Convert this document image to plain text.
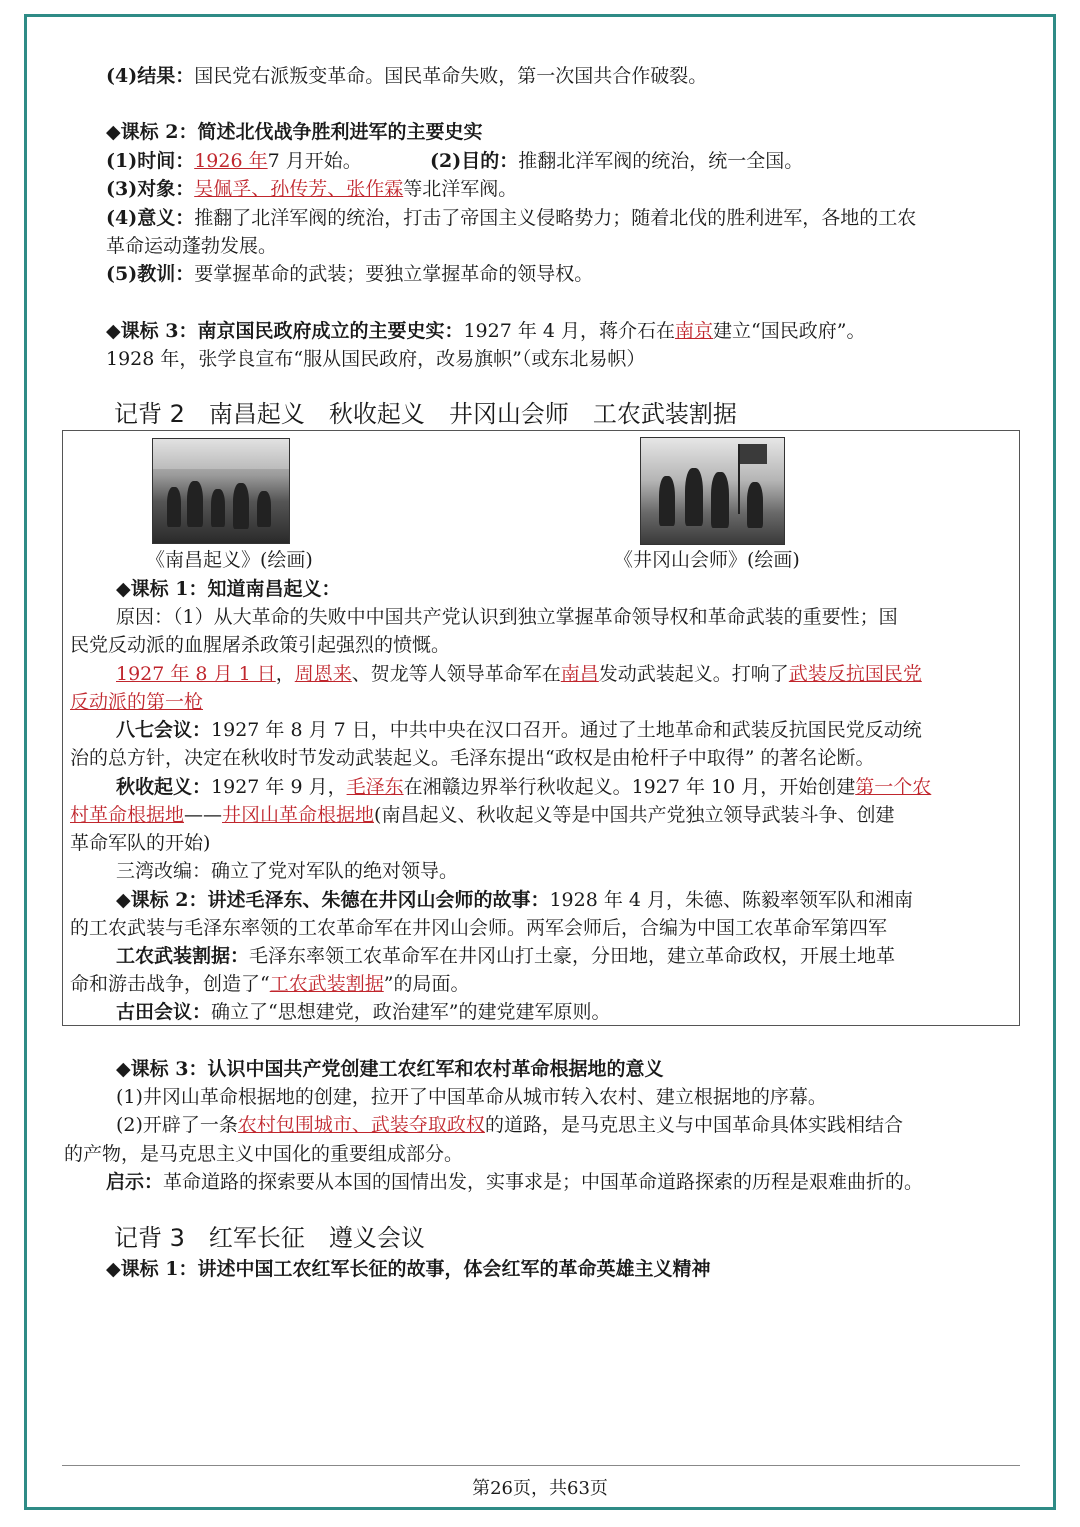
(4)结果：国民党右派叛变革命。国民革命失败，第一次国共合作破裂。
◆课标 2：简述北伐战争胜利进军的主要史实
(1)时间：1926 年7 月开始。	(2)目的：推翻北洋军阀的统治，统一全国。
(3)对象：吴佩孚、孙传芳、张作霖等北洋军阀。
(4)意义：推翻了北洋军阀的统治，打击了帝国主义侵略势力；随着北伐的胜利进军，各地的工农
革命运动蓬勃发展。
(5)教训：要掌握革命的武装；要独立掌握革命的领导权。
◆课标 3：南京国民政府成立的主要史实：1927 年 4 月，蒋介石在南京建立“国民政府”。
1928 年，张学良宣布“服从国民政府，改易旗帜”（或东北易帜）
记背 2　南昌起义　秋收起义　井冈山会师　工农武装割据
《南昌起义》(绘画)	《井冈山会师》(绘画)
◆课标 1：知道南昌起义：
原因：（1）从大革命的失败中中国共产党认识到独立掌握革命领导权和革命武装的重要性；国
民党反动派的血腥屠杀政策引起强烈的愤慨。
1927 年 8 月 1 日，周恩来、贺龙等人领导革命军在南昌发动武装起义。打响了武装反抗国民党
反动派的第一枪
八七会议：1927 年 8 月 7 日，中共中央在汉口召开。通过了土地革命和武装反抗国民党反动统
治的总方针，决定在秋收时节发动武装起义。毛泽东提出“政权是由枪杆子中取得” 的著名论断。
秋收起义：1927 年 9 月，毛泽东在湘赣边界举行秋收起义。1927 年 10 月，开始创建第一个农
村革命根据地——井冈山革命根据地(南昌起义、秋收起义等是中国共产党独立领导武装斗争、创建
革命军队的开始)
三湾改编：确立了党对军队的绝对领导。
◆课标 2：讲述毛泽东、朱德在井冈山会师的故事：1928 年 4 月，朱德、陈毅率领军队和湘南
的工农武装与毛泽东率领的工农革命军在井冈山会师。两军会师后，合编为中国工农革命军第四军
工农武装割据：毛泽东率领工农革命军在井冈山打土豪，分田地，建立革命政权，开展土地革
命和游击战争，创造了“工农武装割据”的局面。
古田会议：确立了“思想建党，政治建军”的建党建军原则。
◆课标 3：认识中国共产党创建工农红军和农村革命根据地的意义
(1)井冈山革命根据地的创建，拉开了中国革命从城市转入农村、建立根据地的序幕。
(2)开辟了一条农村包围城市、武装夺取政权的道路，是马克思主义与中国革命具体实践相结合
的产物，是马克思主义中国化的重要组成部分。
启示：革命道路的探索要从本国的国情出发，实事求是；中国革命道路探索的历程是艰难曲折的。
记背 3　红军长征　遵义会议
◆课标 1：讲述中国工农红军长征的故事，体会红军的革命英雄主义精神
第26页，共63页
